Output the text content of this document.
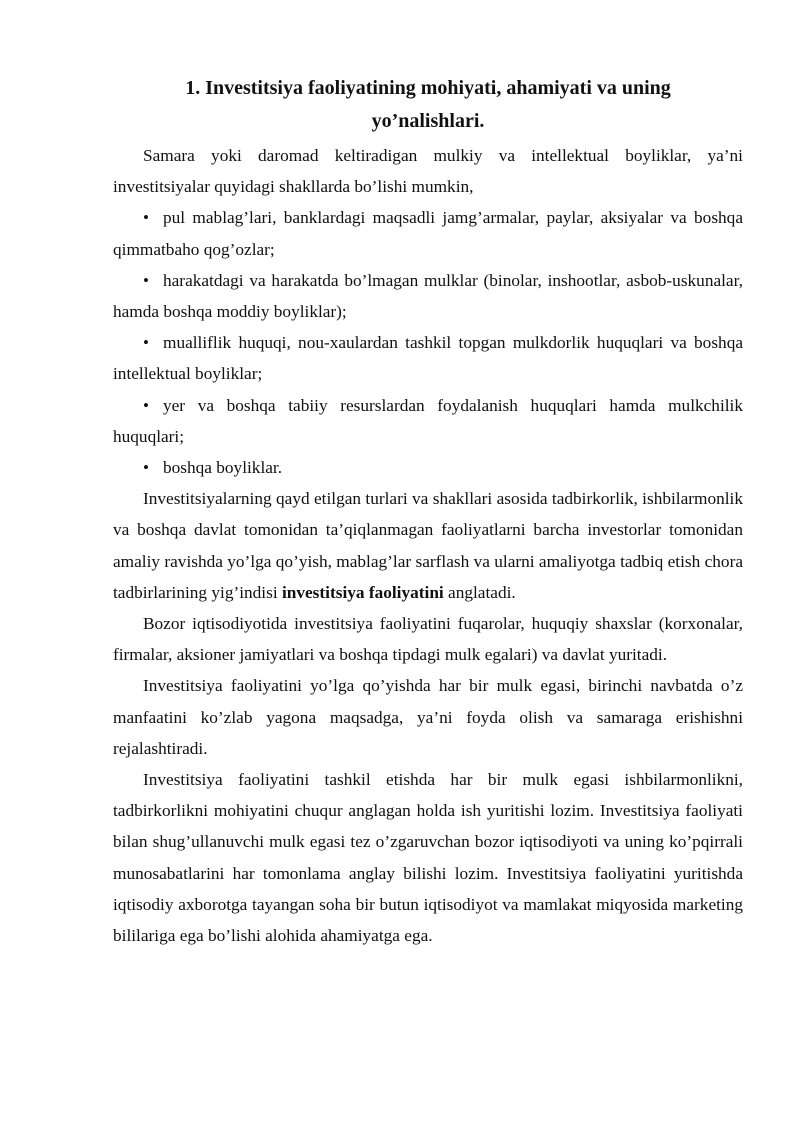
1. Investitsiya faoliyatining mohiyati, ahamiyati va uning
yo’nalishlari.

Samara yoki daromad keltiradigan mulkiy va intellektual boyliklar, ya’ni investitsiyalar quyidagi shakllarda bo’lishi mumkin,

• pul mablag’lari, banklardagi maqsadli jamg’armalar, paylar, aksiyalar va boshqa qimmatbaho qog’ozlar;
• harakatdagi va harakatda bo’lmagan mulklar (binolar, inshootlar, asbob-uskunalar, hamda boshqa moddiy boyliklar);
• mualliflik huquqi, nou-xaulardan tashkil topgan mulkdorlik huquqlari va boshqa intellektual boyliklar;
• yer va boshqa tabiiy resurslardan foydalanish huquqlari hamda mulkchilik huquqlari;
• boshqa boyliklar.

Investitsiyalarning qayd etilgan turlari va shakllari asosida tadbirkorlik, ishbilarmonlik va boshqa davlat tomonidan ta’qiqlanmagan faoliyatlarni barcha investorlar tomonidan amaliy ravishda yo’lga qo’yish, mablag’lar sarflash va ularni amaliyotga tadbiq etish chora tadbirlarining yig’indisi investitsiya faoliyatini anglatadi.

Bozor iqtisodiyotida investitsiya faoliyatini fuqarolar, huquqiy shaxslar (korxonalar, firmalar, aksioner jamiyatlari va boshqa tipdagi mulk egalari) va davlat yuritadi.

Investitsiya faoliyatini yo’lga qo’yishda har bir mulk egasi, birinchi navbatda o’z manfaatini ko’zlab yagona maqsadga, ya’ni foyda olish va samaraga erishishni rejalashtiradi.

Investitsiya faoliyatini tashkil etishda har bir mulk egasi ishbilarmonlikni, tadbirkorlikni mohiyatini chuqur anglagan holda ish yuritishi lozim. Investitsiya faoliyati bilan shug’ullanuvchi mulk egasi tez o’zgaruvchan bozor iqtisodiyoti va uning ko’pqirrali munosabatlarini har tomonlama anglay bilishi lozim. Investitsiya faoliyatini yuritishda iqtisodiy axborotga tayangan soha bir butun iqtisodiyot va mamlakat miqyosida marketing bililariga ega bo’lishi alohida ahamiyatga ega.
